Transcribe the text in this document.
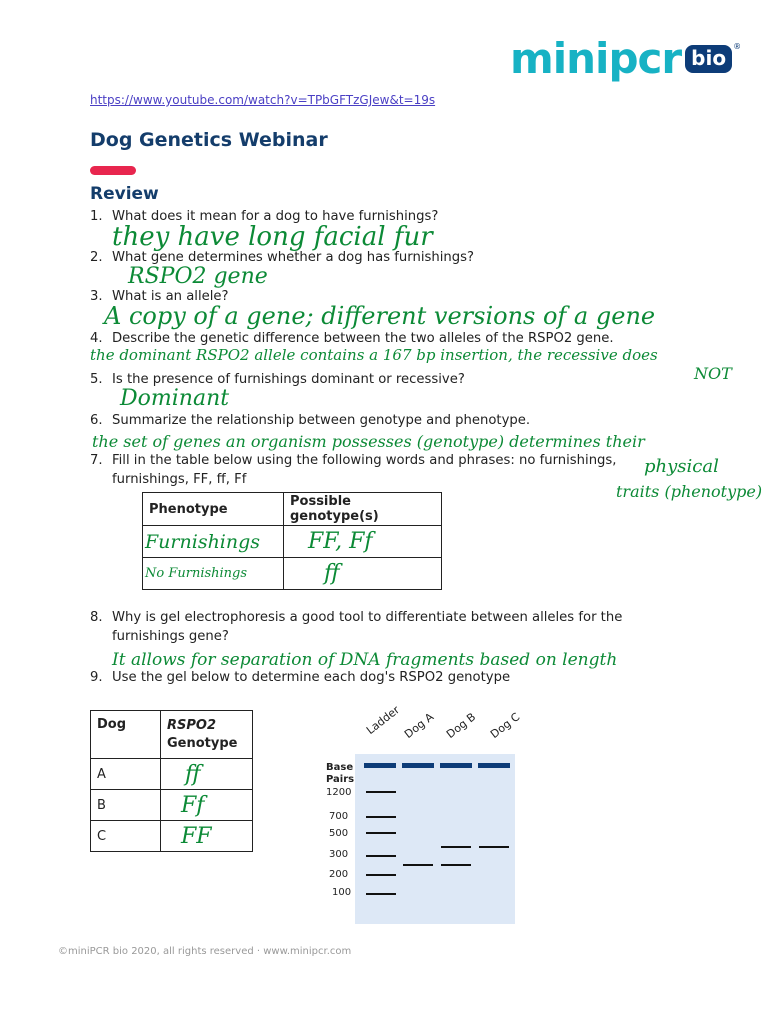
minipcr bio ®
https://www.youtube.com/watch?v=TPbGFTzGJew&t=19s
Dog Genetics Webinar
Review
1. What does it mean for a dog to have furnishings?
they have long facial fur
2. What gene determines whether a dog has furnishings?
RSPO2 gene
3. What is an allele?
A copy of a gene; different versions of a gene
4. Describe the genetic difference between the two alleles of the RSPO2 gene.
the dominant RSPO2 allele contains a 167 bp insertion, the recessive does
NOT
5. Is the presence of furnishings dominant or recessive?
Dominant
6. Summarize the relationship between genotype and phenotype.
the set of genes an organism possesses (genotype) determines their
physical
traits (phenotype)
7. Fill in the table below using the following words and phrases: no furnishings,
furnishings, FF, ff, Ff
Phenotype	Possible genotype(s)
Furnishings	FF, Ff
No Furnishings	ff
8. Why is gel electrophoresis a good tool to differentiate between alleles for the
furnishings gene?
It allows for separation of DNA fragments based on length
9. Use the gel below to determine each dog's RSPO2 genotype
Dog	RSPO2
Genotype
A	ff
B	Ff
C	FF
Ladder Dog A Dog B Dog C
Base Pairs
1200
700
500
300
200
100
©miniPCR bio 2020, all rights reserved · www.minipcr.com
